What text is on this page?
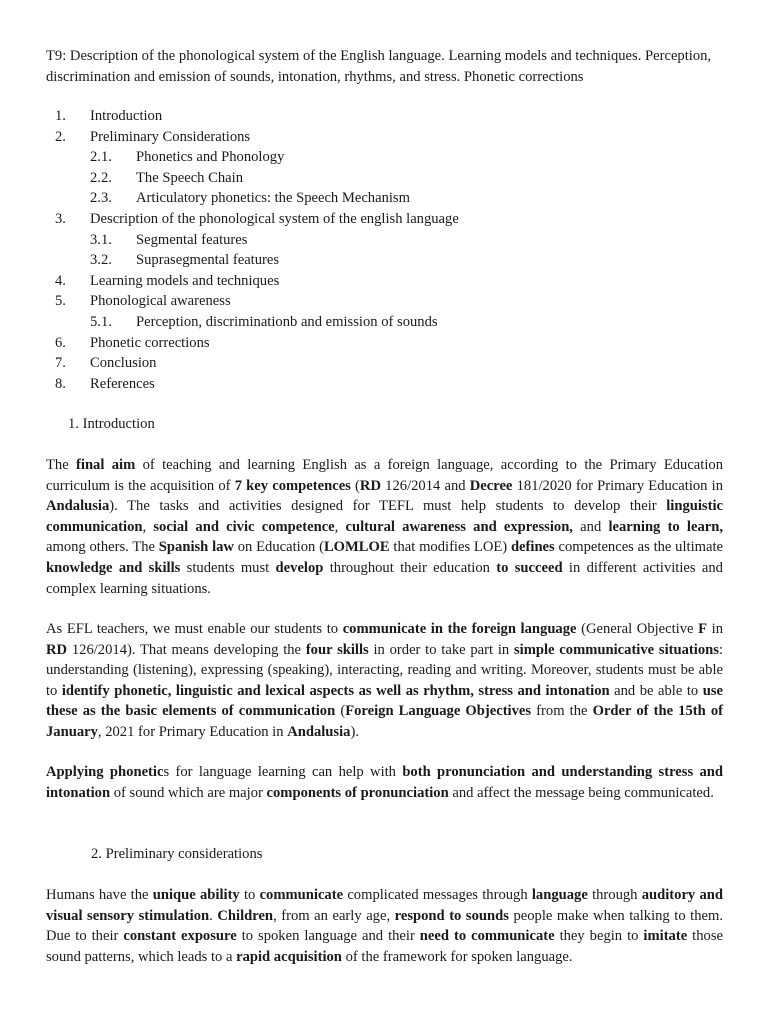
T9: Description of the phonological system of the English language. Learning models and techniques. Perception, discrimination and emission of sounds, intonation, rhythms, and stress. Phonetic corrections

1. Introduction
2. Preliminary Considerations
2.1. Phonetics and Phonology
2.2. The Speech Chain
2.3. Articulatory phonetics: the Speech Mechanism
3. Description of the phonological system of the english language
3.1. Segmental features
3.2. Suprasegmental features
4. Learning models and techniques
5. Phonological awareness
5.1. Perception, discriminationb and emission of sounds
6. Phonetic corrections
7. Conclusion
8. References
1. Introduction

The final aim of teaching and learning English as a foreign language, according to the Primary Education curriculum is the acquisition of 7 key competences (RD 126/2014 and Decree 181/2020 for Primary Education in Andalusia). The tasks and activities designed for TEFL must help students to develop their linguistic communication, social and civic competence, cultural awareness and expression, and learning to learn, among others. The Spanish law on Education (LOMLOE that modifies LOE) defines competences as the ultimate knowledge and skills students must develop throughout their education to succeed in different activities and complex learning situations.

As EFL teachers, we must enable our students to communicate in the foreign language (General Objective F in RD 126/2014). That means developing the four skills in order to take part in simple communicative situations: understanding (listening), expressing (speaking), interacting, reading and writing. Moreover, students must be able to identify phonetic, linguistic and lexical aspects as well as rhythm, stress and intonation and be able to use these as the basic elements of communication (Foreign Language Objectives from the Order of the 15th of January, 2021 for Primary Education in Andalusia).

Applying phonetics for language learning can help with both pronunciation and understanding stress and intonation of sound which are major components of pronunciation and affect the message being communicated.

2. Preliminary considerations

Humans have the unique ability to communicate complicated messages through language through auditory and visual sensory stimulation. Children, from an early age, respond to sounds people make when talking to them. Due to their constant exposure to spoken language and their need to communicate they begin to imitate those sound patterns, which leads to a rapid acquisition of the framework for spoken language.
